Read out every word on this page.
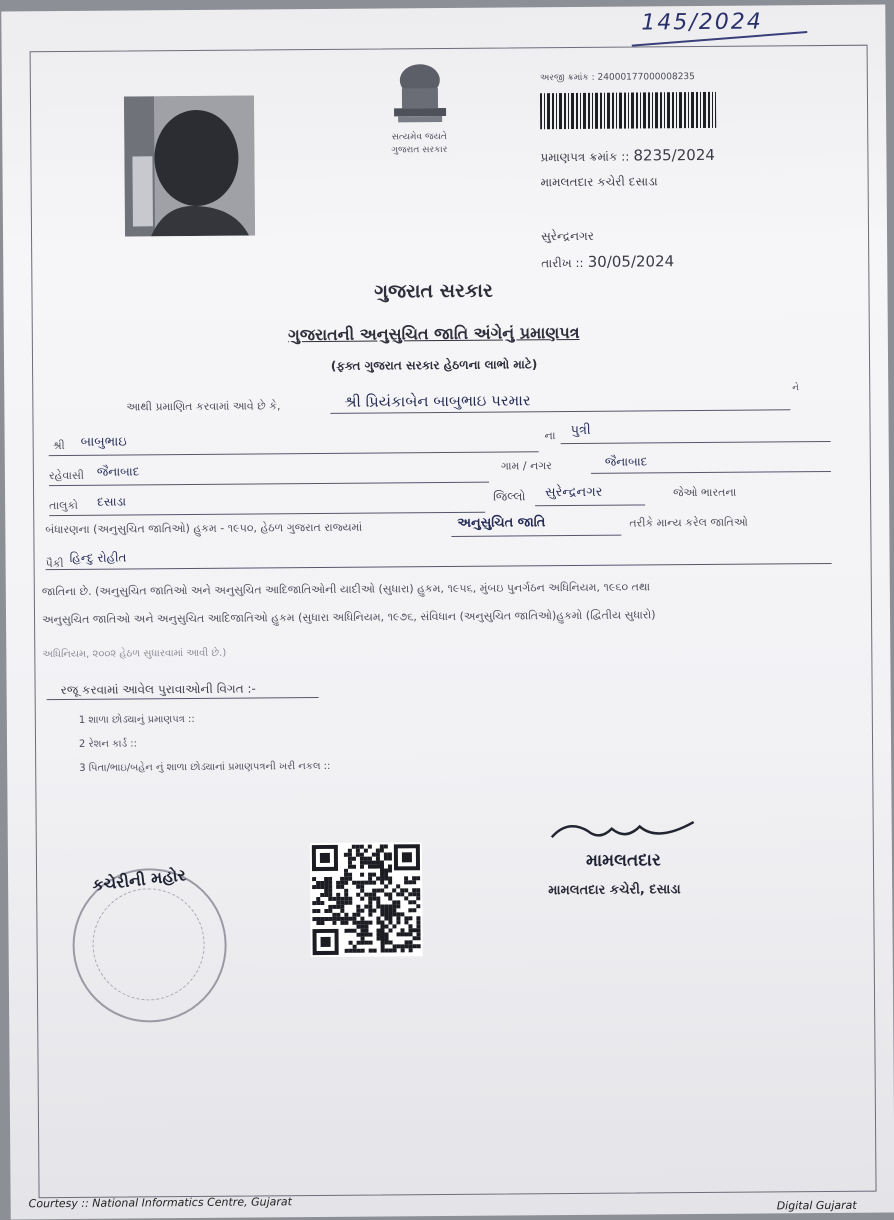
145/2024
સત્યમેવ જયતે
ગુજરાત સરકાર
અરજી ક્રમાંક : 24000177000008235
પ્રમાણપત્ર ક્રમાંક :: 8235/2024
મામલતદાર કચેરી દસાડા
સુરેન્દ્રનગર
તારીખ :: 30/05/2024
ગુજરાત સરકાર
ગુજરાતની અનુસુચિત જાતિ અંગેનું પ્રમાણપત્ર
(ફક્ત ગુજરાત સરકાર હેઠળના લાભો માટે)
આથી પ્રમાણિત કરવામાં આવે છે કે,	શ્રી પ્રિયંકાબેન બાબુભાઇ પરમાર
ને
શ્રી બાબુભાઇ	ના પુત્રી
રહેવાસી જૈનાબાદ	ગામ / નગર	જૈનાબાદ
તાલુકો દસાડા	જિલ્લો સુરેન્દ્રનગર	જેઓ ભારતના
બંધારણના (અનુસુચિત જાતિઓ) હુકમ - ૧૯૫૦, હેઠળ ગુજરાત રાજ્યમાં	અનુસુચિત જાતિ	તરીકે માન્ય કરેલ જાતિઓ
પૈકી હિન્દુ રોહીત
જાતિના છે. (અનુસુચિત જાતિઓ અને અનુસુચિત આદિજાતિઓની યાદીઓ (સુધારા) હુકમ, ૧૯૫૬, મુંબઇ પુનર્ગઠન અધિનિયમ, ૧૯૬૦ તથા
અનુસુચિત જાતિઓ અને અનુસુચિત આદિજાતિઓ હુકમ (સુધારા અધિનિયમ, ૧૯૭૬, સંવિધાન (અનુસુચિત જાતિઓ)હુકમો (દ્વિતીય સુધારો)
અધિનિયમ, ૨૦૦૨ હેઠળ સુધારવામાં આવી છે.)
રજૂ કરવામાં આવેલ પુરાવાઓની વિગત :-
1 શાળા છોડ્યાનું પ્રમાણપત્ર ::
2 રેશન કાર્ડ ::
3 પિતા/ભાઇ/બહેન નું શાળા છોડ્યાનાં પ્રમાણપત્રની ખરી નકલ ::
કચેરીની મહોર
મામલતદાર
મામલતદાર કચેરી, દસાડા
Courtesy :: National Informatics Centre, Gujarat	Digital Gujarat
